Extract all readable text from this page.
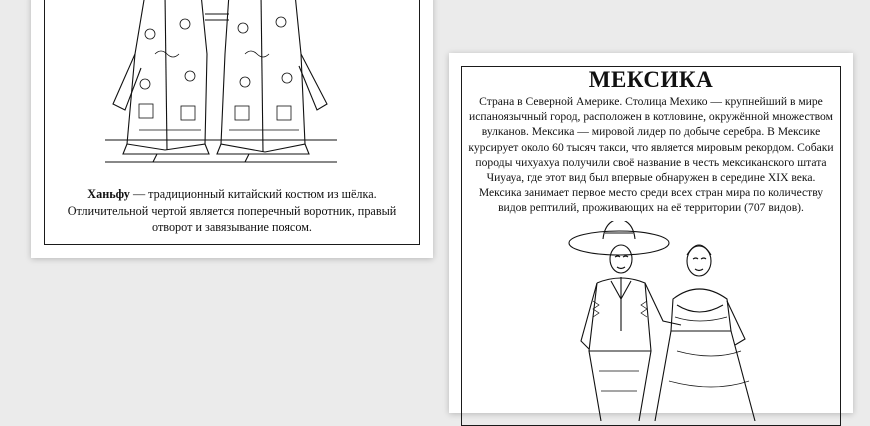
Ханьфу — традиционный китайский костюм из шёлка. Отличительной чертой является поперечный воротник, правый отворот и завязывание поясом.
МЕКСИКА
Страна в Северной Америке. Столица Мехико — крупнейший в мире испаноязычный город, расположен в котловине, окружённой множеством вулканов. Мексика — мировой лидер по добыче серебра. В Мексике курсирует около 60 тысяч такси, что является мировым рекордом. Собаки породы чихуахуа получили своё название в честь мексиканского штата Чиуауа, где этот вид был впервые обнаружен в середине XIX века. Мексика занимает первое место среди всех стран мира по количеству видов рептилий, проживающих на её территории (707 видов).
